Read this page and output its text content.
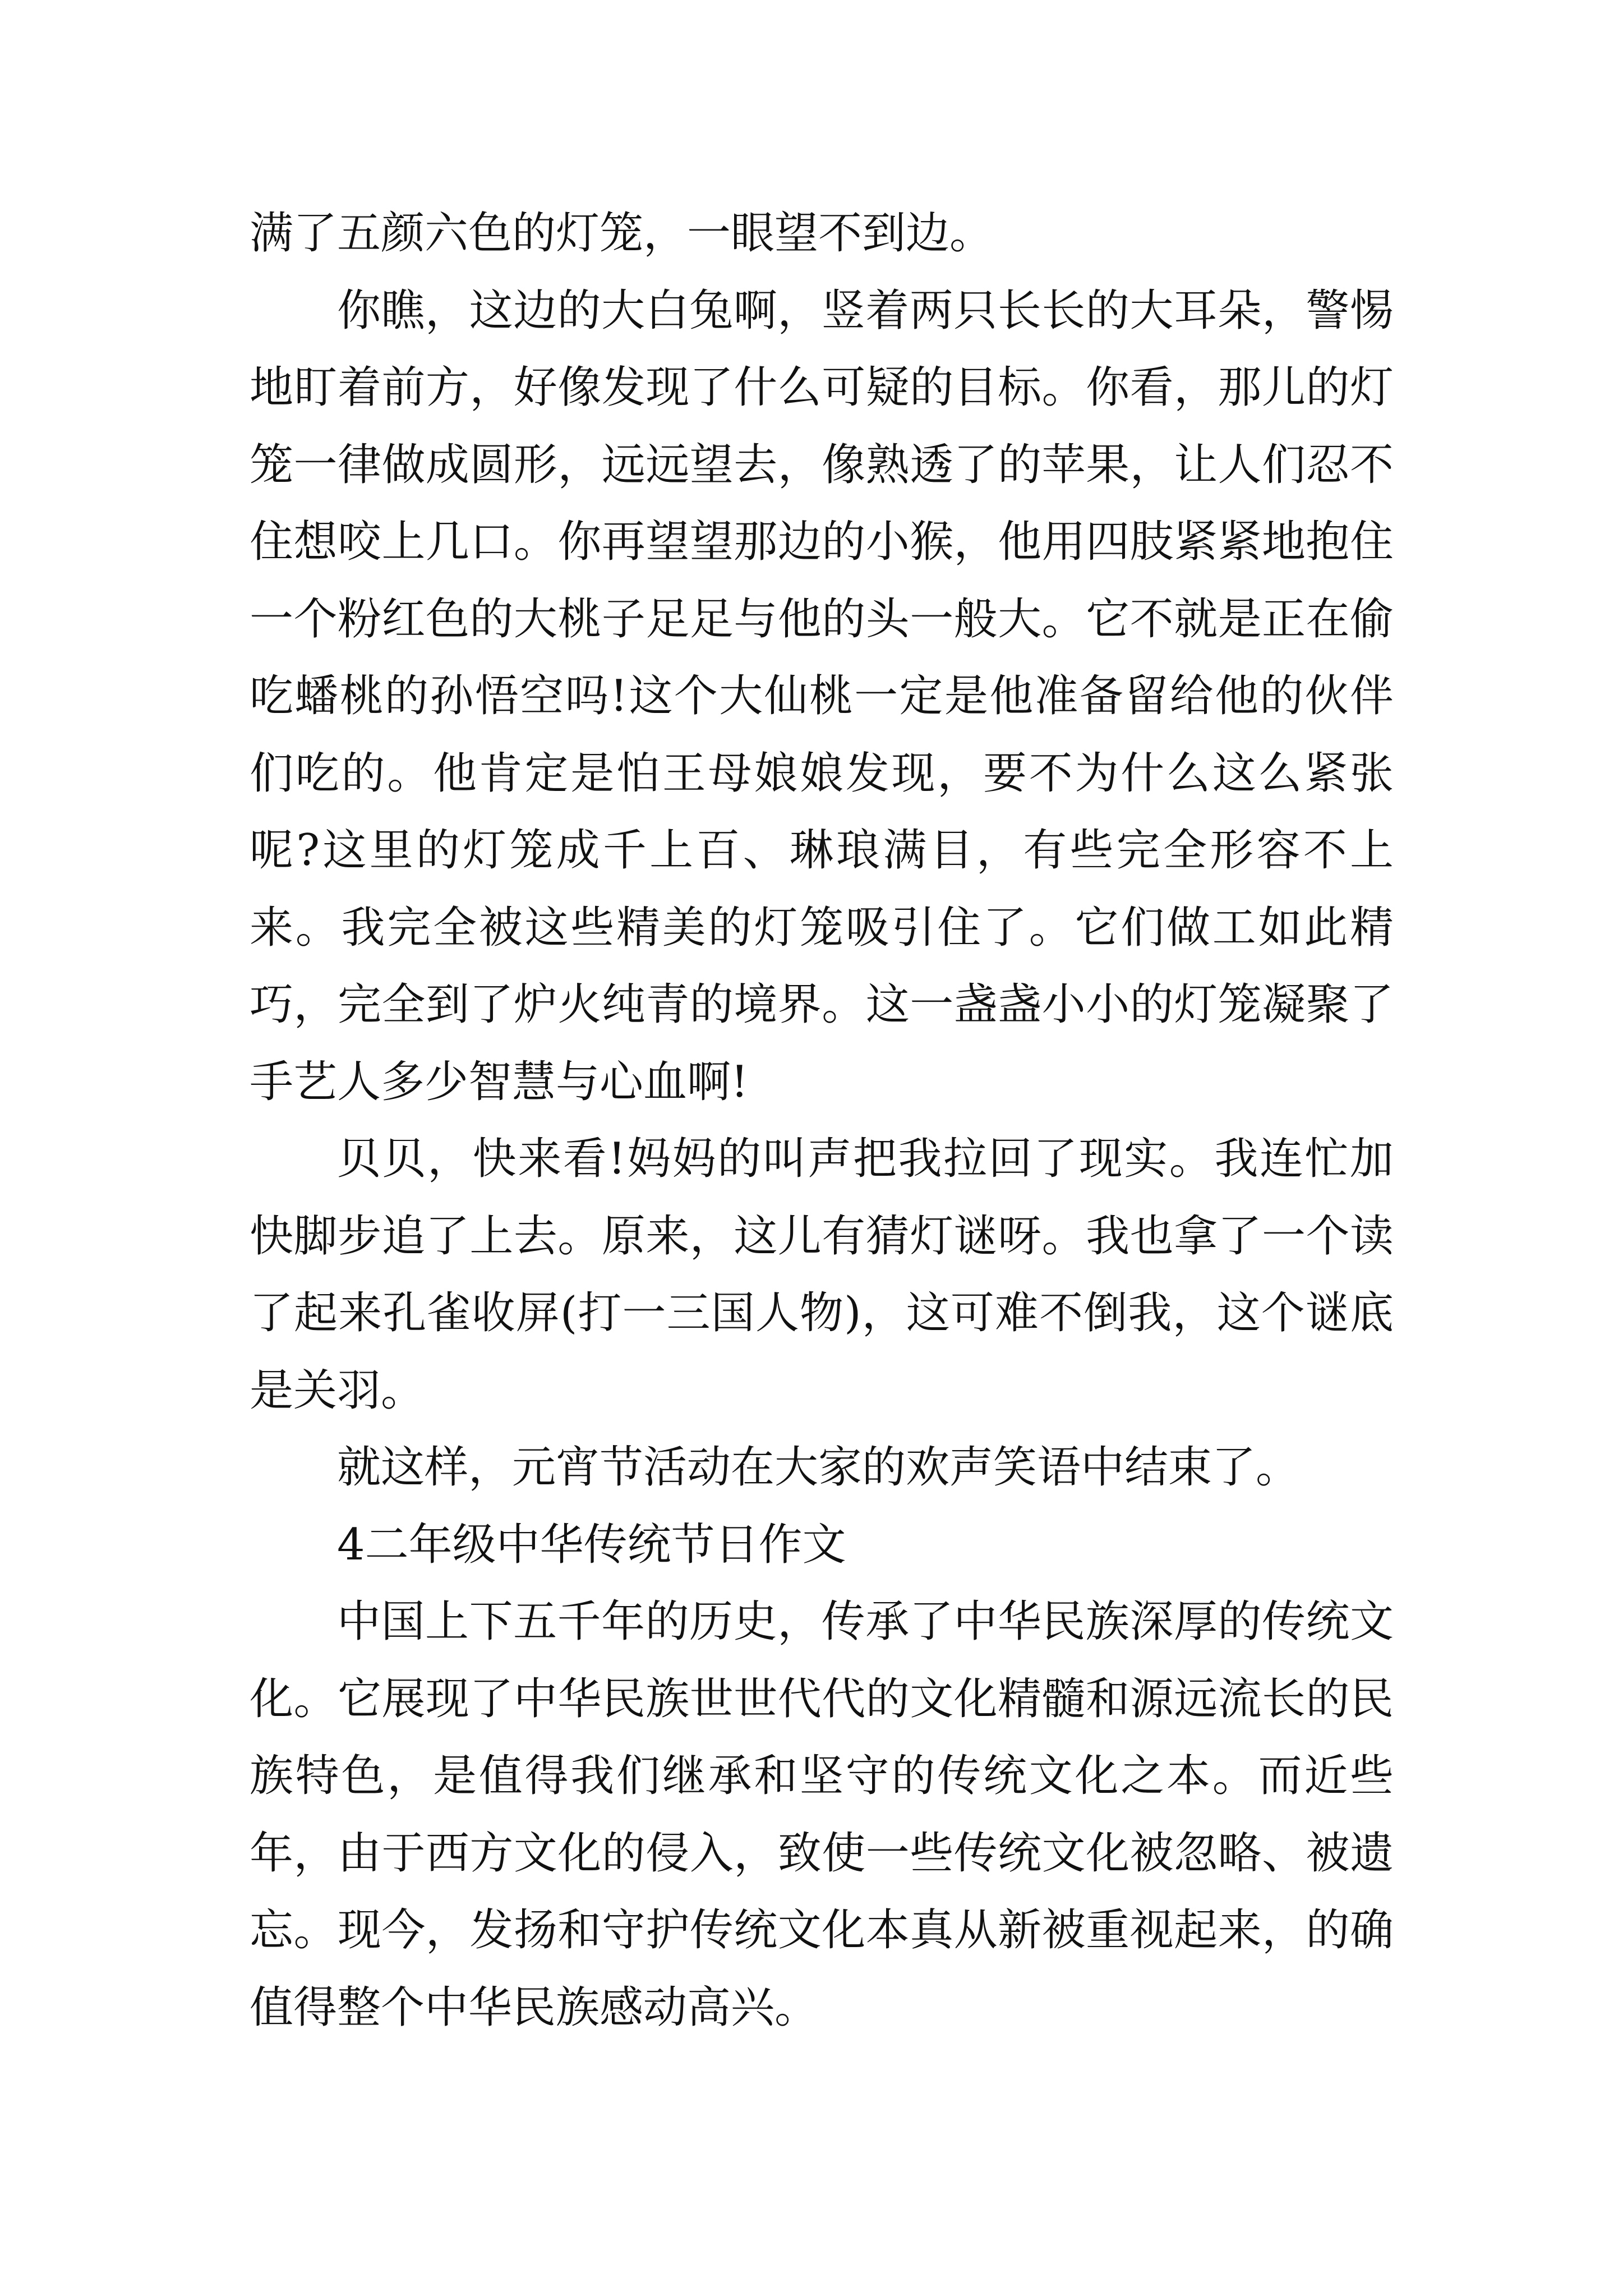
满了五颜六色的灯笼，一眼望不到边。

你瞧，这边的大白兔啊，竖着两只长长的大耳朵，警惕地盯着前方，好像发现了什么可疑的目标。你看，那儿的灯笼一律做成圆形，远远望去，像熟透了的苹果，让人们忍不住想咬上几口。你再望望那边的小猴，他用四肢紧紧地抱住一个粉红色的大桃子足足与他的头一般大。它不就是正在偷吃蟠桃的孙悟空吗!这个大仙桃一定是他准备留给他的伙伴们吃的。他肯定是怕王母娘娘发现，要不为什么这么紧张呢?这里的灯笼成千上百、琳琅满目，有些完全形容不上来。我完全被这些精美的灯笼吸引住了。它们做工如此精巧，完全到了炉火纯青的境界。这一盏盏小小的灯笼凝聚了手艺人多少智慧与心血啊!

贝贝，快来看!妈妈的叫声把我拉回了现实。我连忙加快脚步追了上去。原来，这儿有猜灯谜呀。我也拿了一个读了起来孔雀收屏(打一三国人物)，这可难不倒我，这个谜底是关羽。

就这样，元宵节活动在大家的欢声笑语中结束了。

4二年级中华传统节日作文

中国上下五千年的历史，传承了中华民族深厚的传统文化。它展现了中华民族世世代代的文化精髓和源远流长的民族特色，是值得我们继承和坚守的传统文化之本。而近些年，由于西方文化的侵入，致使一些传统文化被忽略、被遗忘。现今，发扬和守护传统文化本真从新被重视起来，的确值得整个中华民族感动高兴。
